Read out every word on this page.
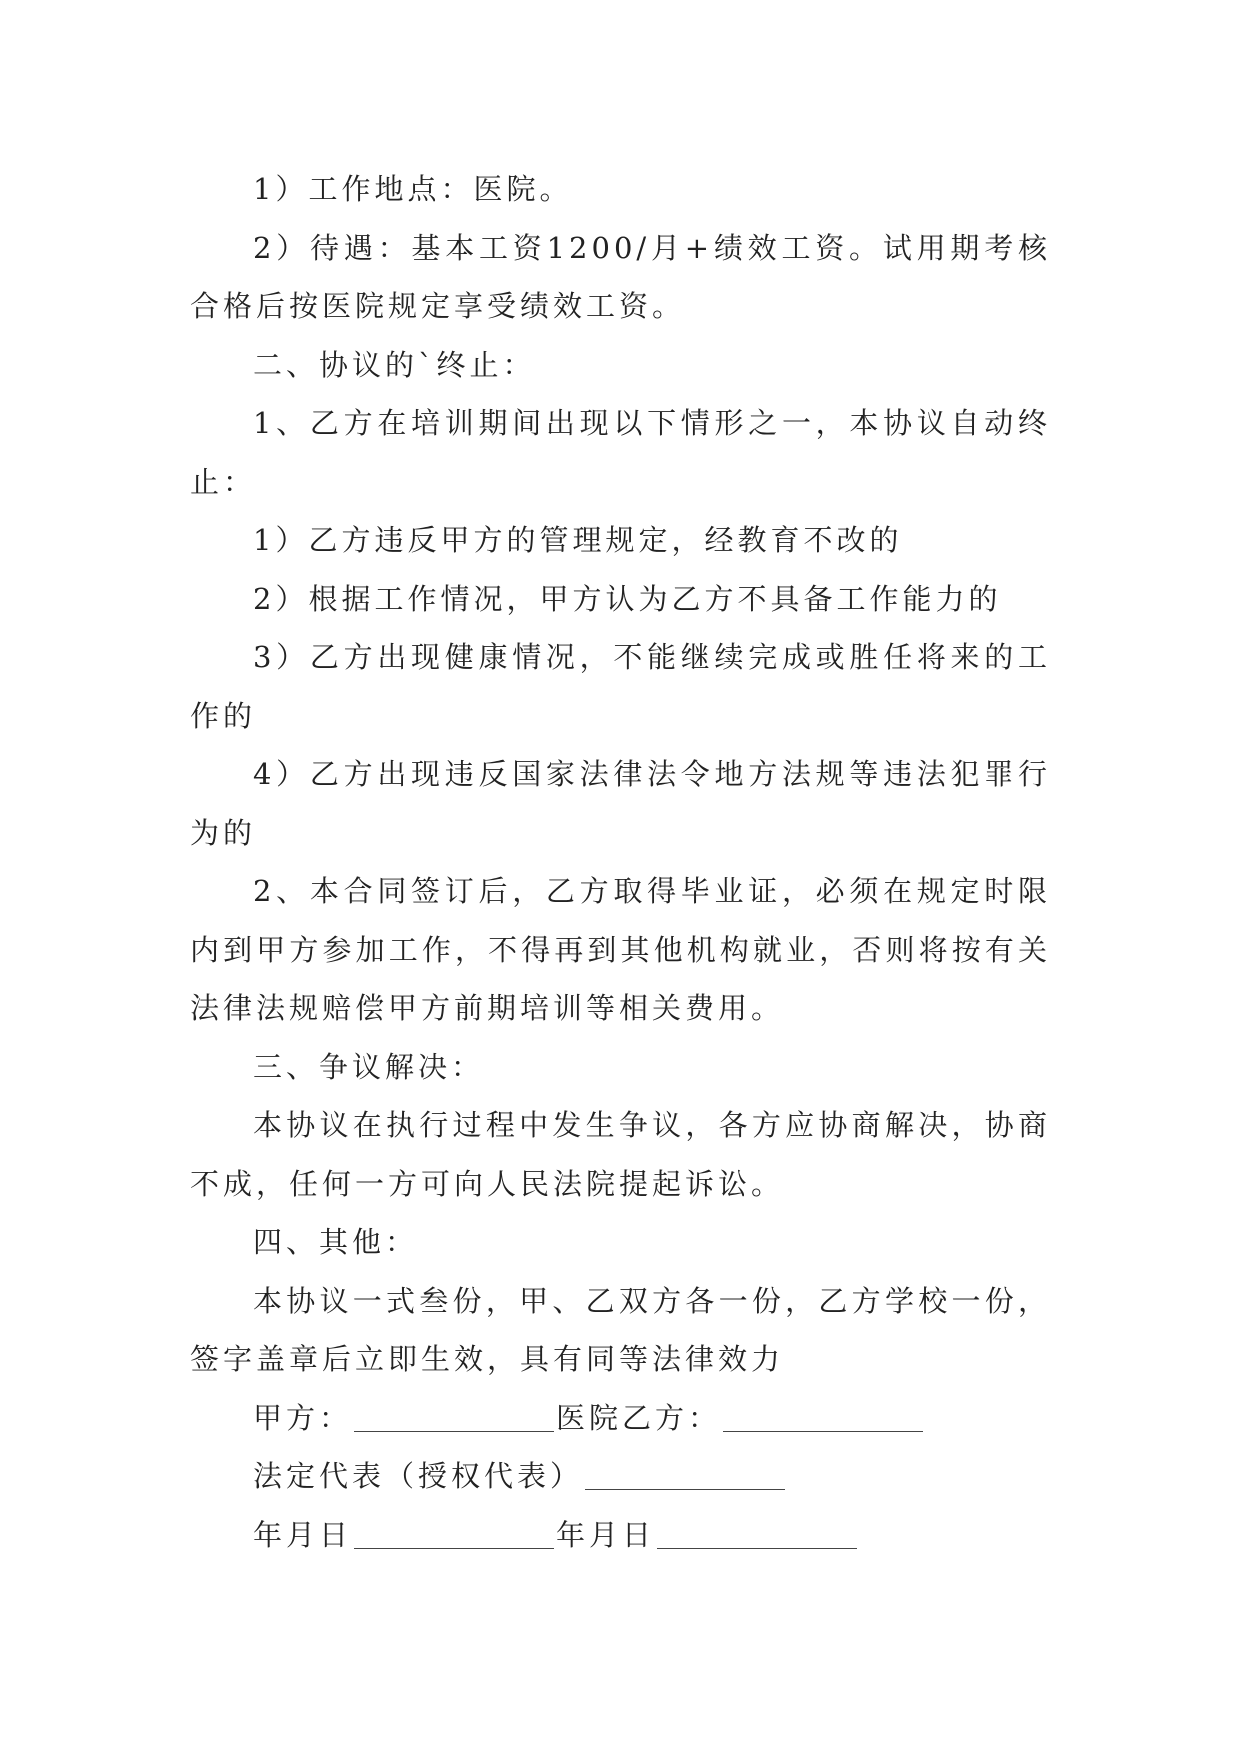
1）工作地点：医院。

2）待遇：基本工资1200/月+绩效工资。试用期考核合格后按医院规定享受绩效工资。

二、协议的`终止：

1、乙方在培训期间出现以下情形之一，本协议自动终止：

1）乙方违反甲方的管理规定，经教育不改的

2）根据工作情况，甲方认为乙方不具备工作能力的

3）乙方出现健康情况，不能继续完成或胜任将来的工作的

4）乙方出现违反国家法律法令地方法规等违法犯罪行为的

2、本合同签订后，乙方取得毕业证，必须在规定时限内到甲方参加工作，不得再到其他机构就业，否则将按有关法律法规赔偿甲方前期培训等相关费用。

三、争议解决：

本协议在执行过程中发生争议，各方应协商解决，协商不成，任何一方可向人民法院提起诉讼。

四、其他：

本协议一式叁份，甲、乙双方各一份，乙方学校一份，签字盖章后立即生效，具有同等法律效力

甲方：	医院乙方：

法定代表（授权代表）

年月日	年月日
